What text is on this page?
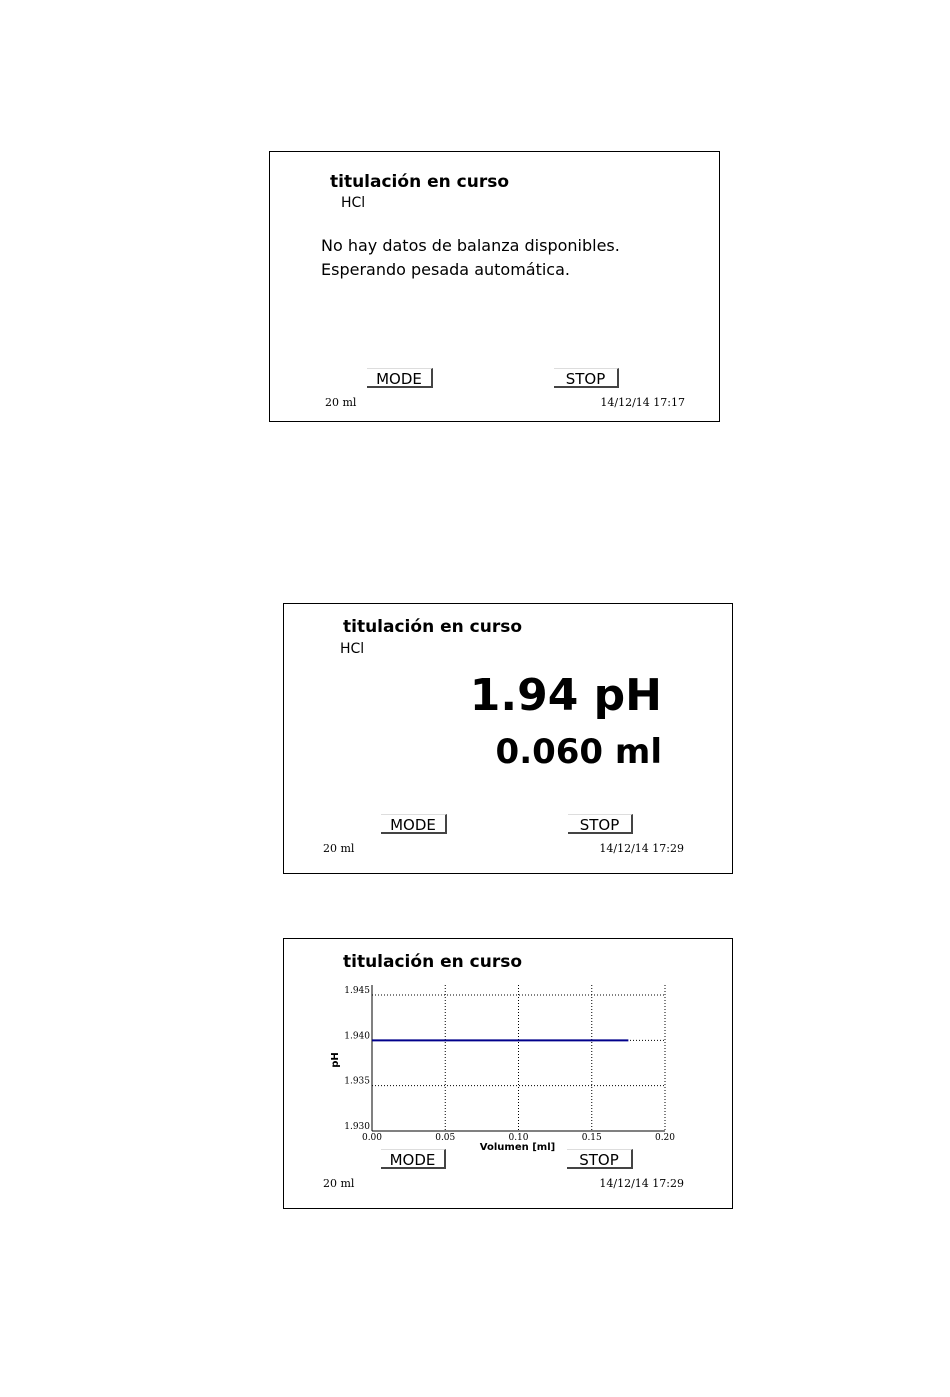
titulación en curso
HCl
No hay datos de balanza disponibles.
Esperando pesada automática.
MODE	STOP
20 ml	14/12/14 17:17
titulación en curso
HCl
1.94 pH
0.060 ml
MODE	STOP
20 ml	14/12/14 17:29
0.00	0.05	0.10	0.15	0.20
1.930
1.935
1.940
1.945
Volumen [ml]
pH
titulación en curso
MODE	STOP
20 ml	14/12/14 17:29
